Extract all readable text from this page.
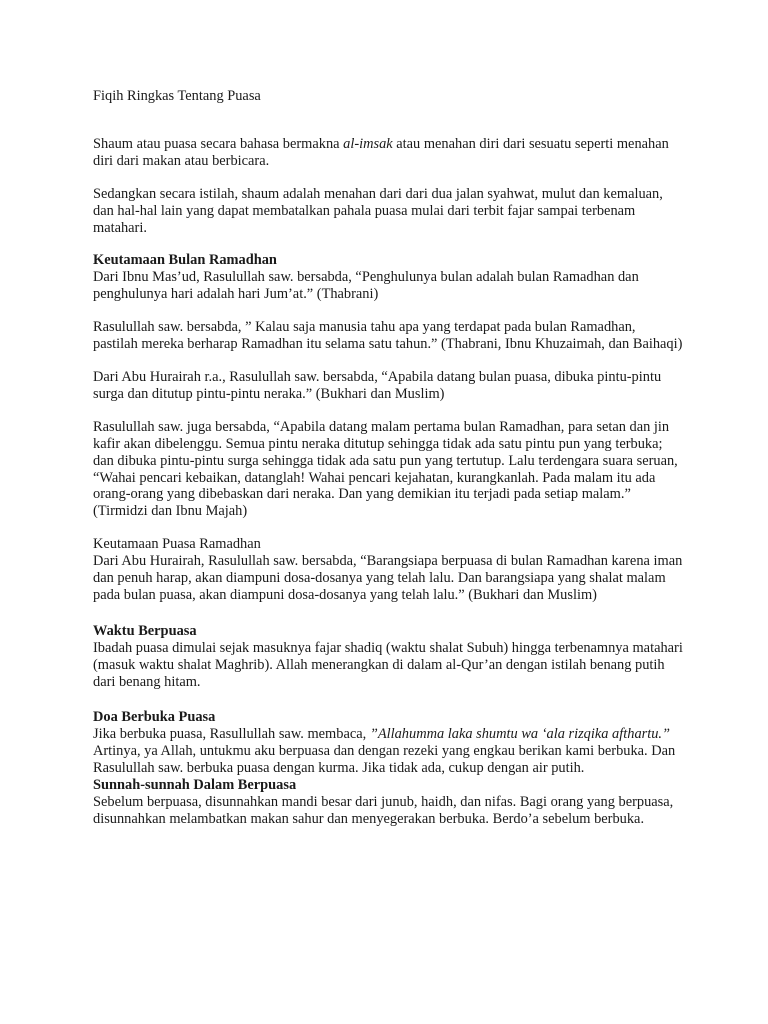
Fiqih Ringkas Tentang Puasa

Shaum atau puasa secara bahasa bermakna al-imsak atau menahan diri dari sesuatu seperti menahan diri dari makan atau berbicara.

Sedangkan secara istilah, shaum adalah menahan dari dari dua jalan syahwat, mulut dan kemaluan, dan hal-hal lain yang dapat membatalkan pahala puasa mulai dari terbit fajar sampai terbenam matahari.

Keutamaan Bulan Ramadhan

Dari Ibnu Mas’ud, Rasulullah saw. bersabda, “Penghulunya bulan adalah bulan Ramadhan dan penghulunya hari adalah hari Jum’at.” (Thabrani)

Rasulullah saw. bersabda, ” Kalau saja manusia tahu apa yang terdapat pada bulan Ramadhan, pastilah mereka berharap Ramadhan itu selama satu tahun.” (Thabrani, Ibnu Khuzaimah, dan Baihaqi)

Dari Abu Hurairah r.a., Rasulullah saw. bersabda, “Apabila datang bulan puasa, dibuka pintu-pintu surga dan ditutup pintu-pintu neraka.” (Bukhari dan Muslim)

Rasulullah saw. juga bersabda, “Apabila datang malam pertama bulan Ramadhan, para setan dan jin kafir akan dibelenggu. Semua pintu neraka ditutup sehingga tidak ada satu pintu pun yang terbuka; dan dibuka pintu-pintu surga sehingga tidak ada satu pun yang tertutup. Lalu terdengara suara seruan, “Wahai pencari kebaikan, datanglah! Wahai pencari kejahatan, kurangkanlah. Pada malam itu ada orang-orang yang dibebaskan dari neraka. Dan yang demikian itu terjadi pada setiap malam.” (Tirmidzi dan Ibnu Majah)

Keutamaan Puasa Ramadhan

Dari Abu Hurairah, Rasulullah saw. bersabda, “Barangsiapa berpuasa di bulan Ramadhan karena iman dan penuh harap, akan diampuni dosa-dosanya yang telah lalu. Dan barangsiapa yang shalat malam pada bulan puasa, akan diampuni dosa-dosanya yang telah lalu.” (Bukhari dan Muslim)

Waktu Berpuasa

Ibadah puasa dimulai sejak masuknya fajar shadiq (waktu shalat Subuh) hingga terbenamnya matahari (masuk waktu shalat Maghrib). Allah menerangkan di dalam al-Qur’an dengan istilah benang putih dari benang hitam.

Doa Berbuka Puasa

Jika berbuka puasa, Rasullullah saw. membaca, ”Allahumma laka shumtu wa ‘ala rizqika afthartu.” Artinya, ya Allah, untukmu aku berpuasa dan dengan rezeki yang engkau berikan kami berbuka. Dan Rasulullah saw. berbuka puasa dengan kurma. Jika tidak ada, cukup dengan air putih.

Sunnah-sunnah Dalam Berpuasa

Sebelum berpuasa, disunnahkan mandi besar dari junub, haidh, dan nifas. Bagi orang yang berpuasa, disunnahkan melambatkan makan sahur dan menyegerakan berbuka. Berdo’a sebelum berbuka.
